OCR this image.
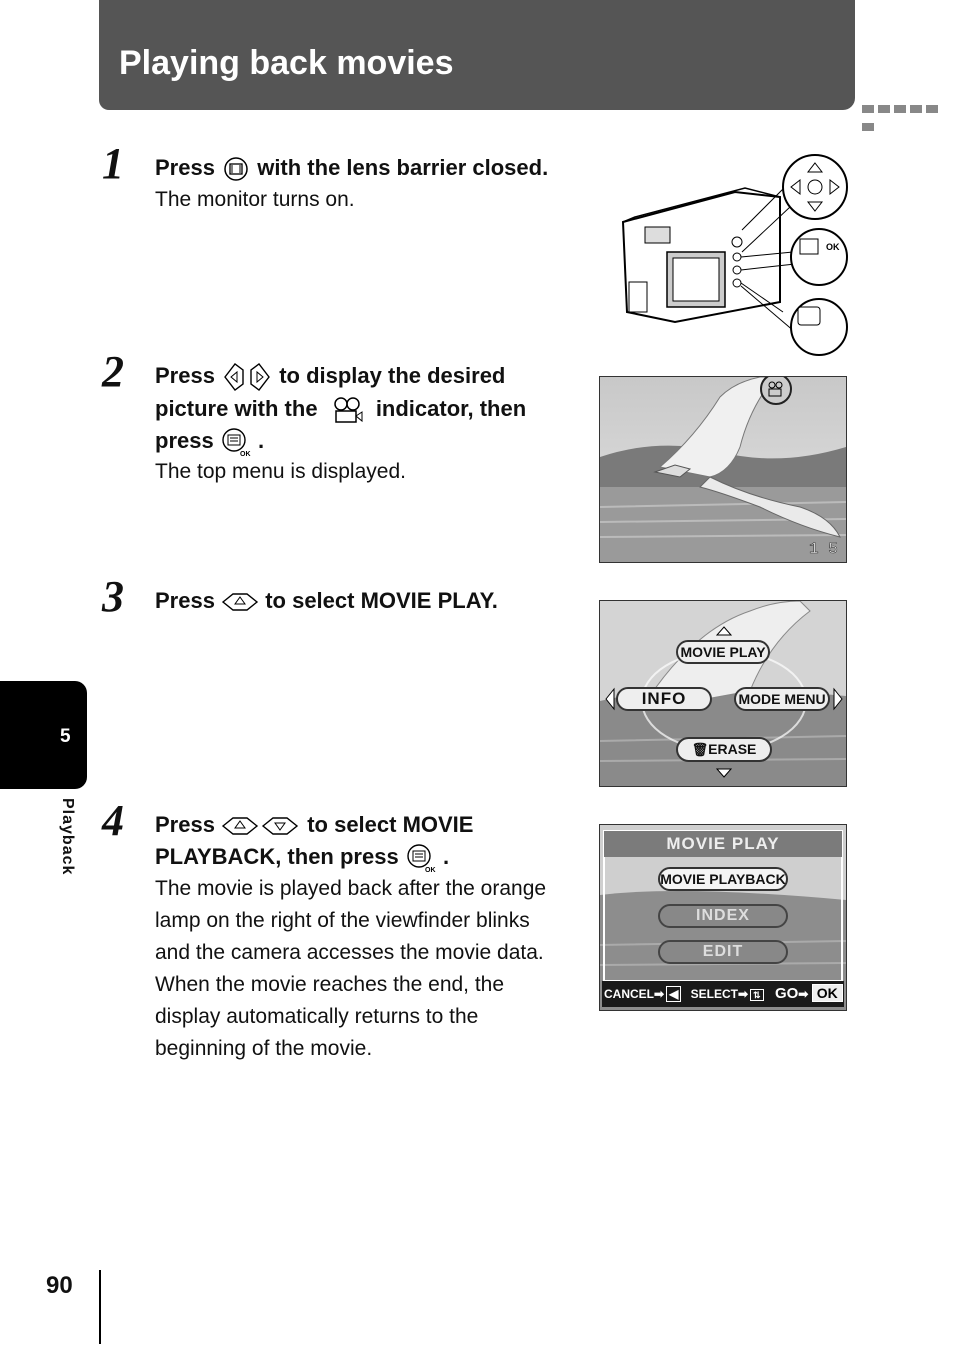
Playing back movies
5
Playback
1 Press with the lens barrier closed.
The monitor turns on.
OK
2 Press	to display the desired
picture with the	indicator, then
press
OK
.
The top menu is displayed.
1 5
3 Press to select MOVIE PLAY.
MOVIE PLAY
INFO	MODE MENU
🗑ERASE
4 Press	to select MOVIE
PLAYBACK, then press
OK
.
The movie is played back after the orange
lamp on the right of the viewfinder blinks
and the camera accesses the movie data.
When the movie reaches the end, the
display automatically returns to the
beginning of the movie.
MOVIE PLAY
MOVIE PLAYBACK
INDEX
EDIT
CANCEL➡ ◀ SELECT➡ ⇅ GO➡ OK
90
